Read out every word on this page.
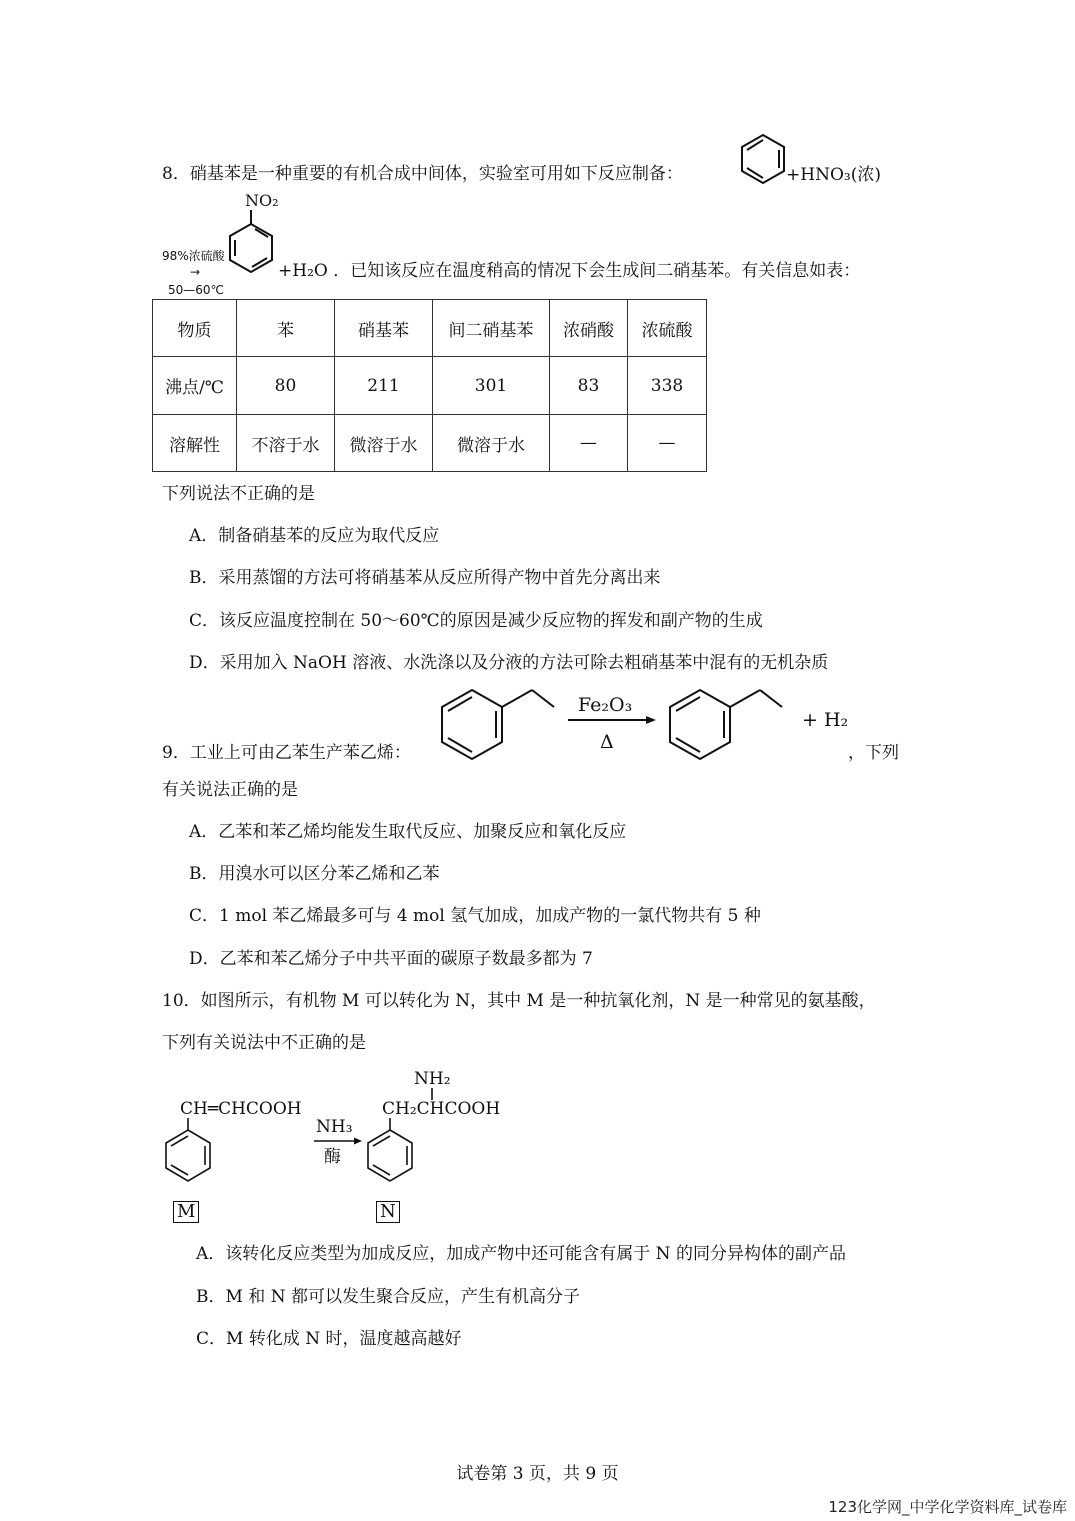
8．硝基苯是一种重要的有机合成中间体，实验室可用如下反应制备：	+HNO₃(浓)
NO₂
98%浓硫酸
→
50—60℃
+H₂O ．已知该反应在温度稍高的情况下会生成间二硝基苯。有关信息如表：
物质	苯	硝基苯	间二硝基苯	浓硝酸	浓硫酸
沸点/℃	80	211	301	83	338
溶解性	不溶于水	微溶于水	微溶于水	—	—
下列说法不正确的是
A．制备硝基苯的反应为取代反应
B．采用蒸馏的方法可将硝基苯从反应所得产物中首先分离出来
C．该反应温度控制在 50～60℃的原因是减少反应物的挥发和副产物的生成
D．采用加入 NaOH 溶液、水洗涤以及分液的方法可除去粗硝基苯中混有的无机杂质
9．工业上可由乙苯生产苯乙烯：
Fe₂O₃
Δ
+ H₂
，下列
有关说法正确的是
A．乙苯和苯乙烯均能发生取代反应、加聚反应和氧化反应
B．用溴水可以区分苯乙烯和乙苯
C．1 mol 苯乙烯最多可与 4 mol 氢气加成，加成产物的一氯代物共有 5 种
D．乙苯和苯乙烯分子中共平面的碳原子数最多都为 7
10．如图所示，有机物 M 可以转化为 N，其中 M 是一种抗氧化剂，N 是一种常见的氨基酸，
下列有关说法中不正确的是
CH═CHCOOH
NH₃
酶
NH₂
CH₂CHCOOH
M	N
A．该转化反应类型为加成反应，加成产物中还可能含有属于 N 的同分异构体的副产品
B．M 和 N 都可以发生聚合反应，产生有机高分子
C．M 转化成 N 时，温度越高越好
试卷第 3 页，共 9 页
123化学网_中学化学资料库_试卷库
